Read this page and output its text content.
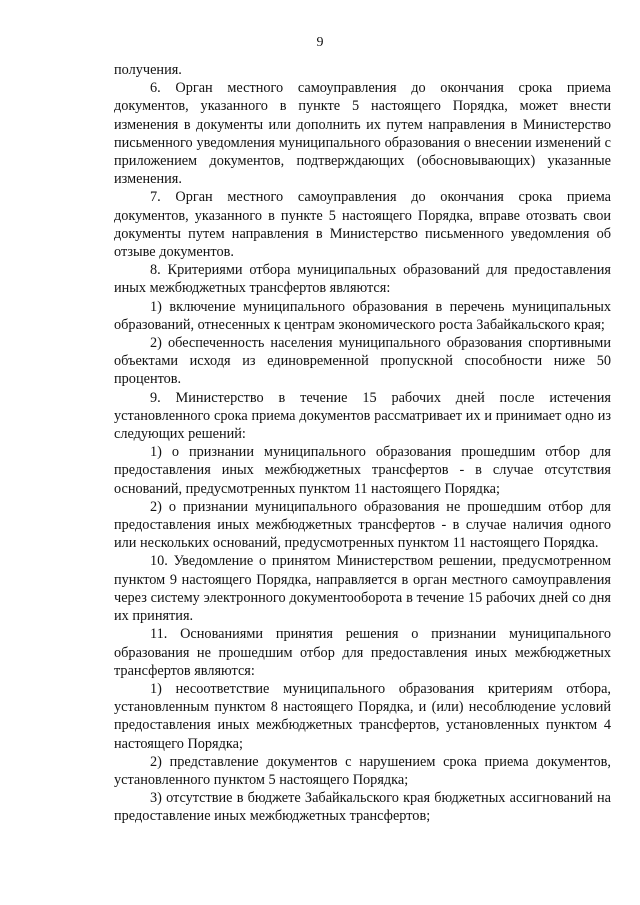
9

получения.

6. Орган местного самоуправления до окончания срока приема документов, указанного в пункте 5 настоящего Порядка, может внести изменения в документы или дополнить их путем направления в Министерство письменного уведомления муниципального образования о внесении изменений с приложением документов, подтверждающих (обосновывающих) указанные изменения.

7. Орган местного самоуправления до окончания срока приема документов, указанного в пункте 5 настоящего Порядка, вправе отозвать свои документы путем направления в Министерство письменного уведомления об отзыве документов.

8. Критериями отбора муниципальных образований для предоставления иных межбюджетных трансфертов являются:

1) включение муниципального образования в перечень муниципальных образований, отнесенных к центрам экономического роста Забайкальского края;

2) обеспеченность населения муниципального образования спортивными объектами исходя из единовременной пропускной способности ниже 50 процентов.

9. Министерство в течение 15 рабочих дней после истечения установленного срока приема документов рассматривает их и принимает одно из следующих решений:

1) о признании муниципального образования прошедшим отбор для предоставления иных межбюджетных трансфертов - в случае отсутствия оснований, предусмотренных пунктом 11 настоящего Порядка;

2) о признании муниципального образования не прошедшим отбор для предоставления иных межбюджетных трансфертов - в случае наличия одного или нескольких оснований, предусмотренных пунктом 11 настоящего Порядка.

10. Уведомление о принятом Министерством решении, предусмотренном пунктом 9 настоящего Порядка, направляется в орган местного самоуправления через систему электронного документооборота в течение 15 рабочих дней со дня их принятия.

11. Основаниями принятия решения о признании муниципального образования не прошедшим отбор для предоставления иных межбюджетных трансфертов являются:

1) несоответствие муниципального образования критериям отбора, установленным пунктом 8 настоящего Порядка, и (или) несоблюдение условий предоставления иных межбюджетных трансфертов, установленных пунктом 4 настоящего Порядка;

2) представление документов с нарушением срока приема документов, установленного пунктом 5 настоящего Порядка;

3) отсутствие в бюджете Забайкальского края бюджетных ассигнований на предоставление иных межбюджетных трансфертов;
